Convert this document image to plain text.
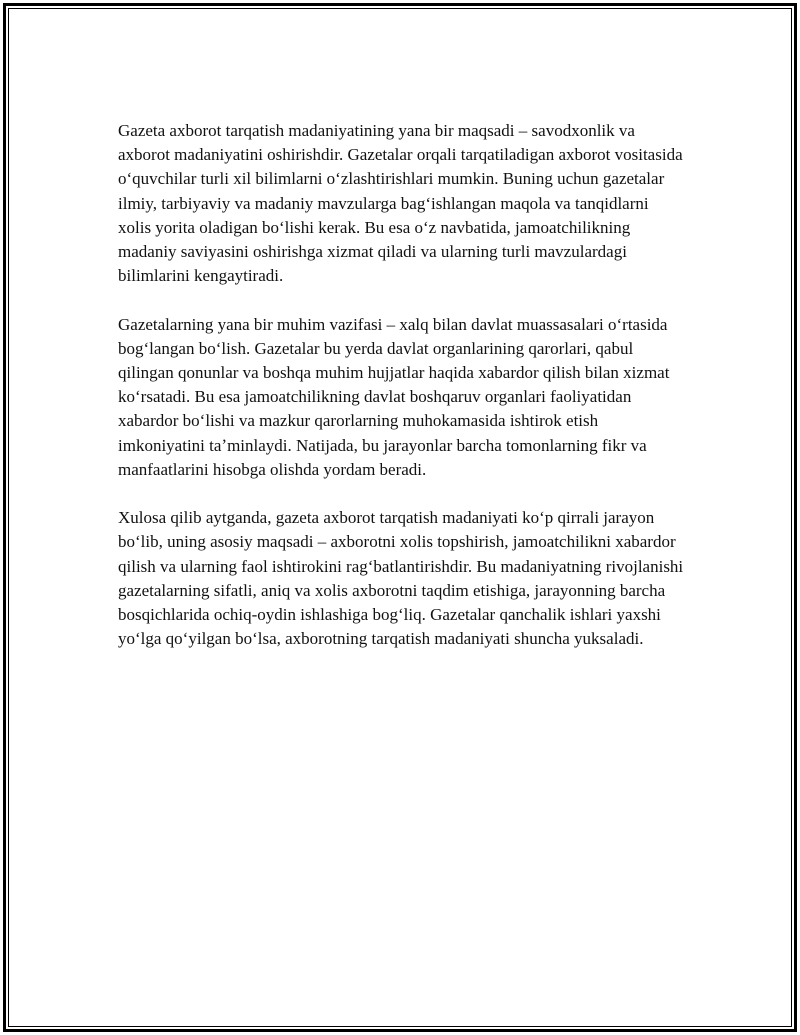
Gazeta axborot tarqatish madaniyatining yana bir maqsadi – savodxonlik va axborot madaniyatini oshirishdir. Gazetalar orqali tarqatiladigan axborot vositasida oʻquvchilar turli xil bilimlarni oʻzlashtirishlari mumkin. Buning uchun gazetalar ilmiy, tarbiyaviy va madaniy mavzularga bagʻishlangan maqola va tanqidlarni xolis yorita oladigan boʻlishi kerak. Bu esa oʻz navbatida, jamoatchilikning madaniy saviyasini oshirishga xizmat qiladi va ularning turli mavzulardagi bilimlarini kengaytiradi.

Gazetalarning yana bir muhim vazifasi – xalq bilan davlat muassasalari oʻrtasida bogʻlangan boʻlish. Gazetalar bu yerda davlat organlarining qarorlari, qabul qilingan qonunlar va boshqa muhim hujjatlar haqida xabardor qilish bilan xizmat koʻrsatadi. Bu esa jamoatchilikning davlat boshqaruv organlari faoliyatidan xabardor boʻlishi va mazkur qarorlarning muhokamasida ishtirok etish imkoniyatini taʼminlaydi. Natijada, bu jarayonlar barcha tomonlarning fikr va manfaatlarini hisobga olishda yordam beradi.

Xulosa qilib aytganda, gazeta axborot tarqatish madaniyati koʻp qirrali jarayon boʻlib, uning asosiy maqsadi – axborotni xolis topshirish, jamoatchilikni xabardor qilish va ularning faol ishtirokini ragʻbatlantirishdir. Bu madaniyatning rivojlanishi gazetalarning sifatli, aniq va xolis axborotni taqdim etishiga, jarayonning barcha bosqichlarida ochiq-oydin ishlashiga bogʻliq. Gazetalar qanchalik ishlari yaxshi yoʻlga qoʻyilgan boʻlsa, axborotning tarqatish madaniyati shuncha yuksaladi.
